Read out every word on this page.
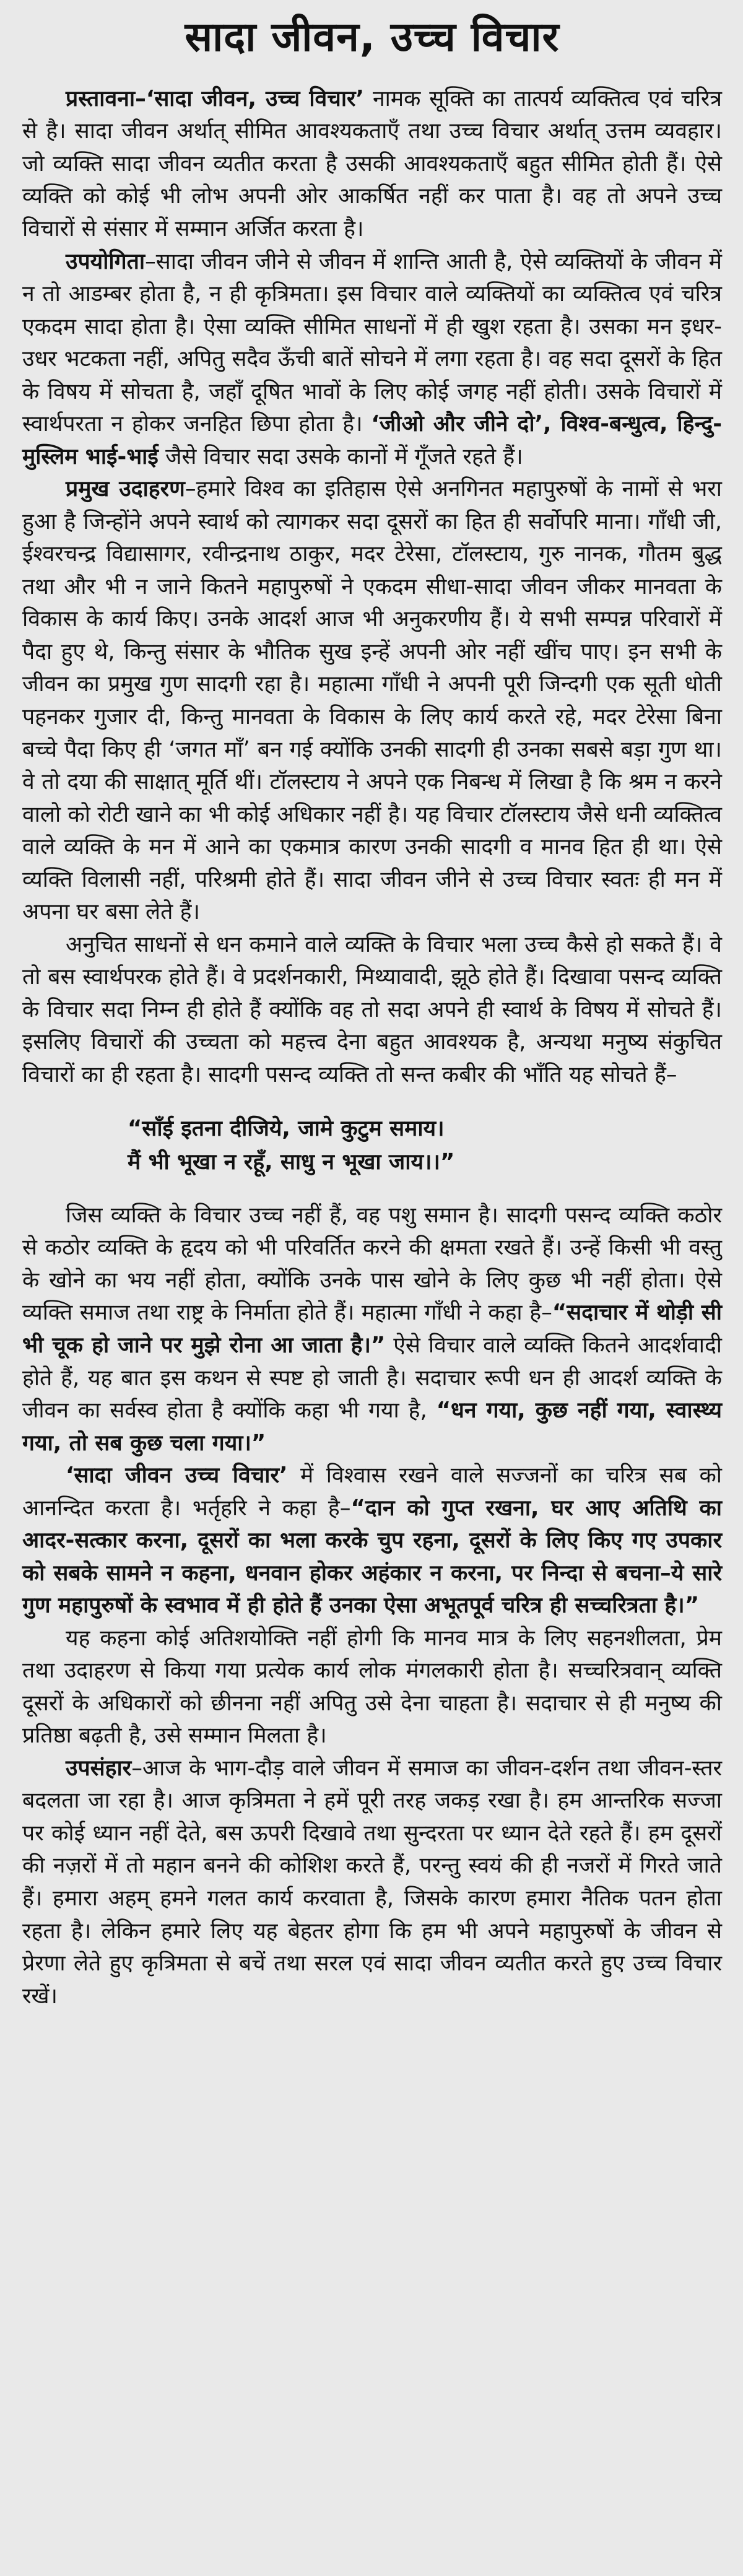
सादा जीवन, उच्च विचार

प्रस्तावना–‘सादा जीवन, उच्च विचार’ नामक सूक्ति का तात्पर्य व्यक्तित्व एवं चरित्र से है। सादा जीवन अर्थात् सीमित आवश्यकताएँ तथा उच्च विचार अर्थात् उत्तम व्यवहार। जो व्यक्ति सादा जीवन व्यतीत करता है उसकी आवश्यकताएँ बहुत सीमित होती हैं। ऐसे व्यक्ति को कोई भी लोभ अपनी ओर आकर्षित नहीं कर पाता है। वह तो अपने उच्च विचारों से संसार में सम्मान अर्जित करता है।

उपयोगिता–सादा जीवन जीने से जीवन में शान्ति आती है, ऐसे व्यक्तियों के जीवन में न तो आडम्बर होता है, न ही कृत्रिमता। इस विचार वाले व्यक्तियों का व्यक्तित्व एवं चरित्र एकदम सादा होता है। ऐसा व्यक्ति सीमित साधनों में ही खुश रहता है। उसका मन इधर-उधर भटकता नहीं, अपितु सदैव ऊँची बातें सोचने में लगा रहता है। वह सदा दूसरों के हित के विषय में सोचता है, जहाँ दूषित भावों के लिए कोई जगह नहीं होती। उसके विचारों में स्वार्थपरता न होकर जनहित छिपा होता है। ‘जीओ और जीने दो’, विश्व-बन्धुत्व, हिन्दु-मुस्लिम भाई-भाई जैसे विचार सदा उसके कानों में गूँजते रहते हैं।

प्रमुख उदाहरण–हमारे विश्व का इतिहास ऐसे अनगिनत महापुरुषों के नामों से भरा हुआ है जिन्होंने अपने स्वार्थ को त्यागकर सदा दूसरों का हित ही सर्वोपरि माना। गाँधी जी, ईश्वरचन्द्र विद्यासागर, रवीन्द्रनाथ ठाकुर, मदर टेरेसा, टॉलस्टाय, गुरु नानक, गौतम बुद्ध तथा और भी न जाने कितने महापुरुषों ने एकदम सीधा-सादा जीवन जीकर मानवता के विकास के कार्य किए। उनके आदर्श आज भी अनुकरणीय हैं। ये सभी सम्पन्न परिवारों में पैदा हुए थे, किन्तु संसार के भौतिक सुख इन्हें अपनी ओर नहीं खींच पाए। इन सभी के जीवन का प्रमुख गुण सादगी रहा है। महात्मा गाँधी ने अपनी पूरी जिन्दगी एक सूती धोती पहनकर गुजार दी, किन्तु मानवता के विकास के लिए कार्य करते रहे, मदर टेरेसा बिना बच्चे पैदा किए ही ‘जगत माँ’ बन गई क्योंकि उनकी सादगी ही उनका सबसे बड़ा गुण था। वे तो दया की साक्षात् मूर्ति थीं। टॉलस्टाय ने अपने एक निबन्ध में लिखा है कि श्रम न करने वालो को रोटी खाने का भी कोई अधिकार नहीं है। यह विचार टॉलस्टाय जैसे धनी व्यक्तित्व वाले व्यक्ति के मन में आने का एकमात्र कारण उनकी सादगी व मानव हित ही था। ऐसे व्यक्ति विलासी नहीं, परिश्रमी होते हैं। सादा जीवन जीने से उच्च विचार स्वतः ही मन में अपना घर बसा लेते हैं।

अनुचित साधनों से धन कमाने वाले व्यक्ति के विचार भला उच्च कैसे हो सकते हैं। वे तो बस स्वार्थपरक होते हैं। वे प्रदर्शनकारी, मिथ्यावादी, झूठे होते हैं। दिखावा पसन्द व्यक्ति के विचार सदा निम्न ही होते हैं क्योंकि वह तो सदा अपने ही स्वार्थ के विषय में सोचते हैं। इसलिए विचारों की उच्चता को महत्त्व देना बहुत आवश्यक है, अन्यथा मनुष्य संकुचित विचारों का ही रहता है। सादगी पसन्द व्यक्ति तो सन्त कबीर की भाँति यह सोचते हैं–

“साँई इतना दीजिये, जामे कुटुम समाय।
मैं भी भूखा न रहूँ, साधु न भूखा जाय।।”

जिस व्यक्ति के विचार उच्च नहीं हैं, वह पशु समान है। सादगी पसन्द व्यक्ति कठोर से कठोर व्यक्ति के हृदय को भी परिवर्तित करने की क्षमता रखते हैं। उन्हें किसी भी वस्तु के खोने का भय नहीं होता, क्योंकि उनके पास खोने के लिए कुछ भी नहीं होता। ऐसे व्यक्ति समाज तथा राष्ट्र के निर्माता होते हैं। महात्मा गाँधी ने कहा है–“सदाचार में थोड़ी सी भी चूक हो जाने पर मुझे रोना आ जाता है।” ऐसे विचार वाले व्यक्ति कितने आदर्शवादी होते हैं, यह बात इस कथन से स्पष्ट हो जाती है। सदाचार रूपी धन ही आदर्श व्यक्ति के जीवन का सर्वस्व होता है क्योंकि कहा भी गया है, “धन गया, कुछ नहीं गया, स्वास्थ्य गया, तो सब कुछ चला गया।”

‘सादा जीवन उच्च विचार’ में विश्वास रखने वाले सज्जनों का चरित्र सब को आनन्दित करता है। भर्तृहरि ने कहा है–“दान को गुप्त रखना, घर आए अतिथि का आदर-सत्कार करना, दूसरों का भला करके चुप रहना, दूसरों के लिए किए गए उपकार को सबके सामने न कहना, धनवान होकर अहंकार न करना, पर निन्दा से बचना–ये सारे गुण महापुरुषों के स्वभाव में ही होते हैं उनका ऐसा अभूतपूर्व चरित्र ही सच्चरित्रता है।”

यह कहना कोई अतिशयोक्ति नहीं होगी कि मानव मात्र के लिए सहनशीलता, प्रेम तथा उदाहरण से किया गया प्रत्येक कार्य लोक मंगलकारी होता है। सच्चरित्रवान् व्यक्ति दूसरों के अधिकारों को छीनना नहीं अपितु उसे देना चाहता है। सदाचार से ही मनुष्य की प्रतिष्ठा बढ़ती है, उसे सम्मान मिलता है।

उपसंहार–आज के भाग-दौड़ वाले जीवन में समाज का जीवन-दर्शन तथा जीवन-स्तर बदलता जा रहा है। आज कृत्रिमता ने हमें पूरी तरह जकड़ रखा है। हम आन्तरिक सज्जा पर कोई ध्यान नहीं देते, बस ऊपरी दिखावे तथा सुन्दरता पर ध्यान देते रहते हैं। हम दूसरों की नज़रों में तो महान बनने की कोशिश करते हैं, परन्तु स्वयं की ही नजरों में गिरते जाते हैं। हमारा अहम् हमने गलत कार्य करवाता है, जिसके कारण हमारा नैतिक पतन होता रहता है। लेकिन हमारे लिए यह बेहतर होगा कि हम भी अपने महापुरुषों के जीवन से प्रेरणा लेते हुए कृत्रिमता से बचें तथा सरल एवं सादा जीवन व्यतीत करते हुए उच्च विचार रखें।
